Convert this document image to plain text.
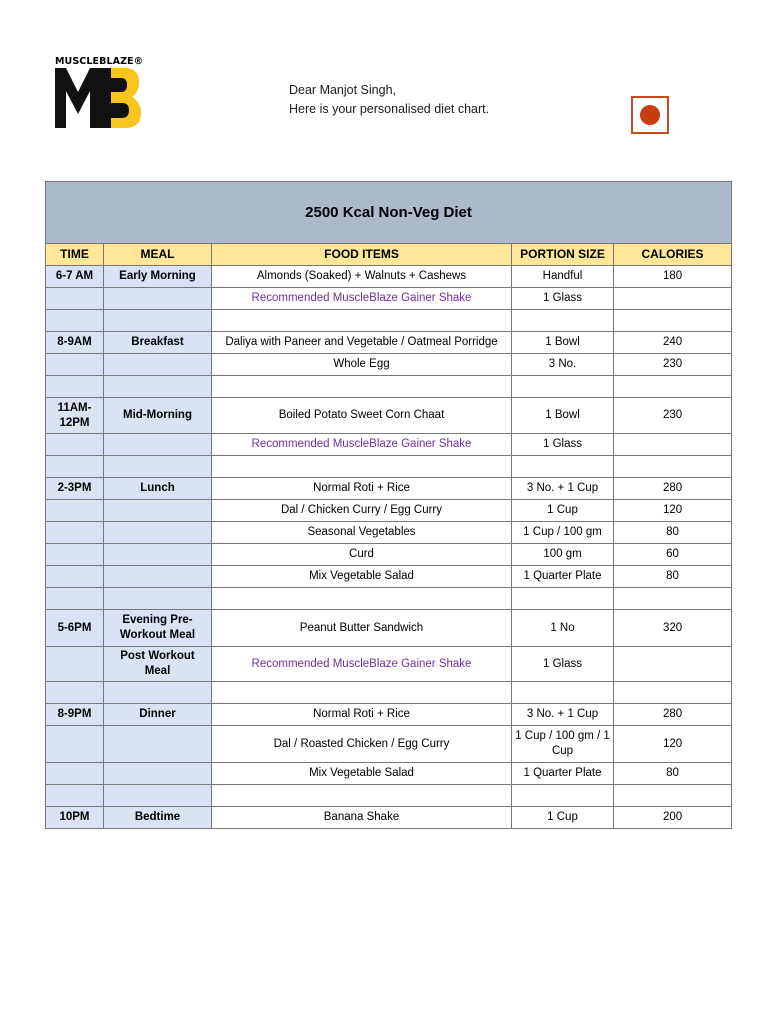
MUSCLEBLAZE®
Dear Manjot Singh,
Here is your personalised diet chart.
2500 Kcal Non-Veg Diet				
TIME	MEAL	FOOD ITEMS	PORTION SIZE	CALORIES
6-7 AM	Early Morning	Almonds (Soaked) + Walnuts + Cashews	Handful	180
		Recommended MuscleBlaze Gainer Shake	1 Glass	

8-9AM	Breakfast	Daliya with Paneer and Vegetable / Oatmeal Porridge	1 Bowl	240
		Whole Egg	3 No.	230

11AM-12PM	Mid-Morning	Boiled Potato Sweet Corn Chaat	1 Bowl	230
		Recommended MuscleBlaze Gainer Shake	1 Glass	

2-3PM	Lunch	Normal Roti + Rice	3 No. + 1 Cup	280
		Dal / Chicken Curry / Egg Curry	1 Cup	120
		Seasonal Vegetables	1 Cup / 100 gm	80
		Curd	100 gm	60
		Mix Vegetable Salad	1 Quarter Plate	80

5-6PM	Evening Pre-Workout Meal	Peanut Butter Sandwich	1 No	320
	Post Workout Meal	Recommended MuscleBlaze Gainer Shake	1 Glass	

8-9PM	Dinner	Normal Roti + Rice	3 No. + 1 Cup	280
		Dal / Roasted Chicken / Egg Curry	1 Cup / 100 gm / 1 Cup	120
		Mix Vegetable Salad	1 Quarter Plate	80

10PM	Bedtime	Banana Shake	1 Cup	200
